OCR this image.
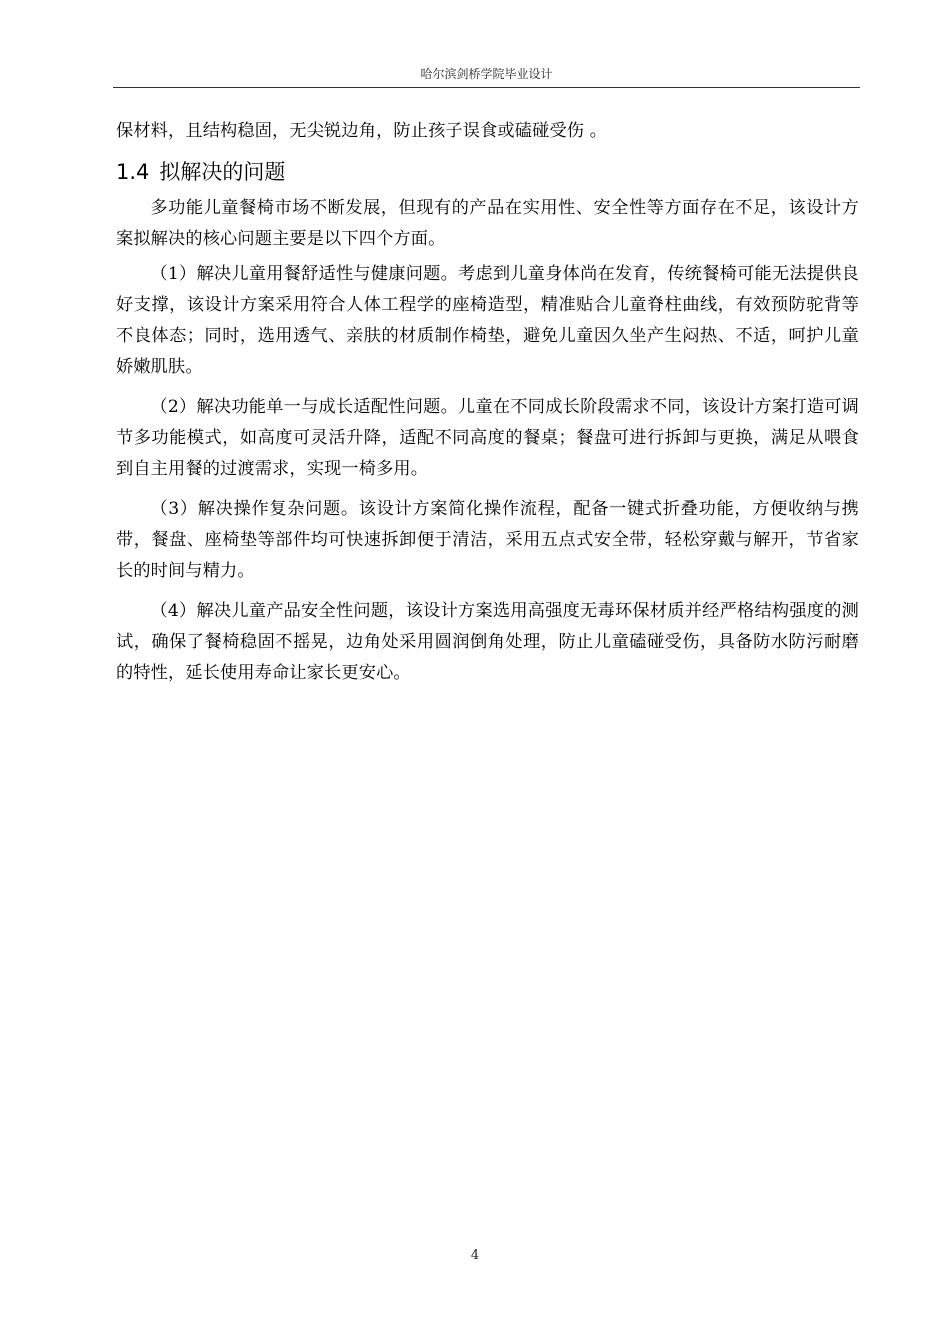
哈尔滨剑桥学院毕业设计

保材料，且结构稳固，无尖锐边角，防止孩子误食或磕碰受伤 。

1.4 拟解决的问题

多功能儿童餐椅市场不断发展，但现有的产品在实用性、安全性等方面存在不足，该设计方案拟解决的核心问题主要是以下四个方面。

（1）解决儿童用餐舒适性与健康问题。考虑到儿童身体尚在发育，传统餐椅可能无法提供良好支撑，该设计方案采用符合人体工程学的座椅造型，精准贴合儿童脊柱曲线，有效预防驼背等不良体态；同时，选用透气、亲肤的材质制作椅垫，避免儿童因久坐产生闷热、不适，呵护儿童娇嫩肌肤。

（2）解决功能单一与成长适配性问题。儿童在不同成长阶段需求不同，该设计方案打造可调节多功能模式，如高度可灵活升降，适配不同高度的餐桌；餐盘可进行拆卸与更换，满足从喂食到自主用餐的过渡需求，实现一椅多用。

（3）解决操作复杂问题。该设计方案简化操作流程，配备一键式折叠功能，方便收纳与携带，餐盘、座椅垫等部件均可快速拆卸便于清洁，采用五点式安全带，轻松穿戴与解开，节省家长的时间与精力。

（4）解决儿童产品安全性问题，该设计方案选用高强度无毒环保材质并经严格结构强度的测试，确保了餐椅稳固不摇晃，边角处采用圆润倒角处理，防止儿童磕碰受伤，具备防水防污耐磨的特性，延长使用寿命让家长更安心。

4
